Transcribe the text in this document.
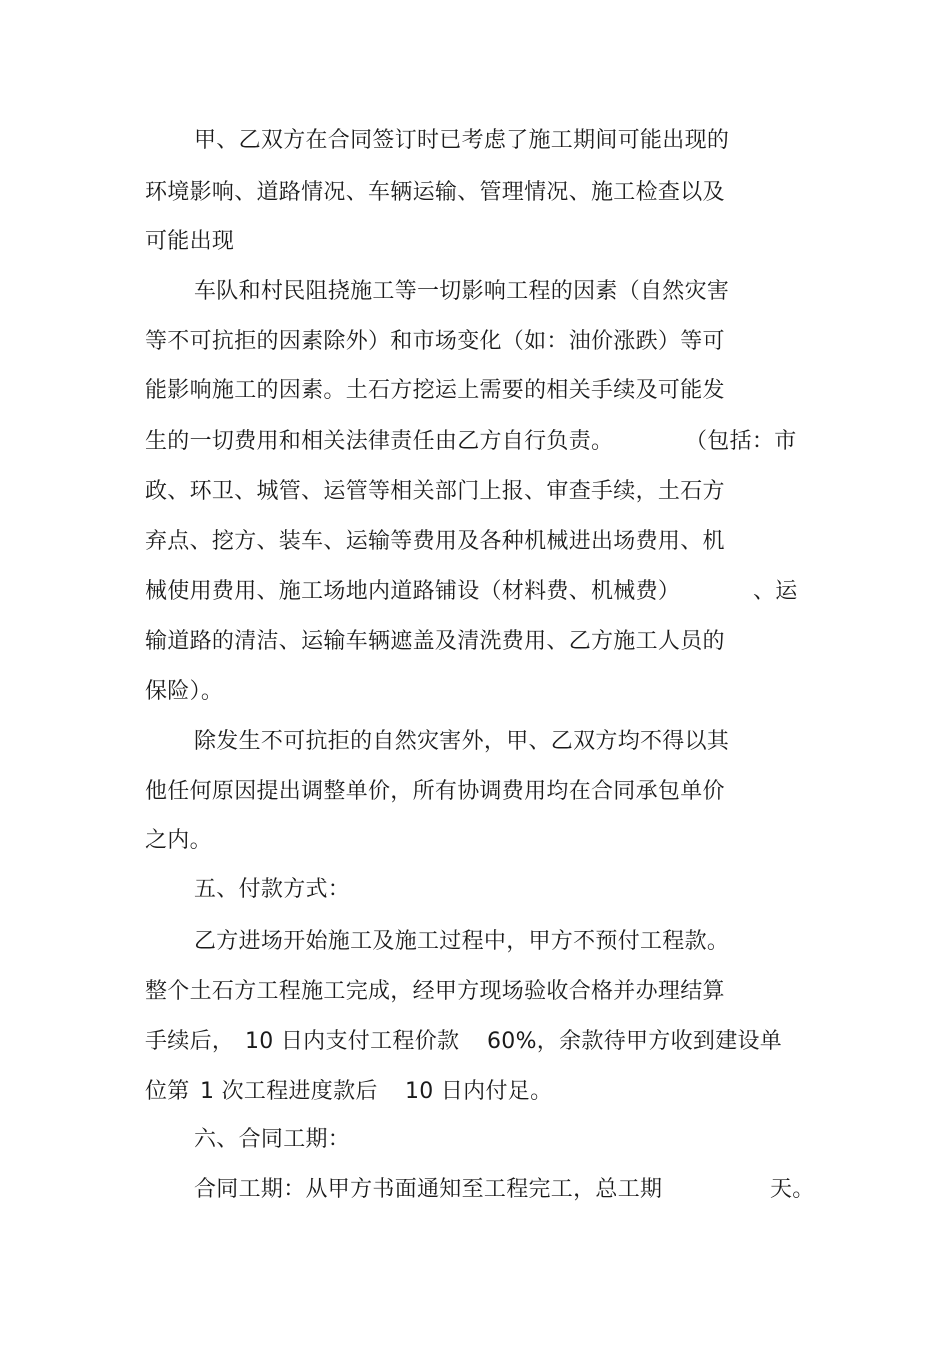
甲、乙双方在合同签订时已考虑了施工期间可能出现的
环境影响、道路情况、车辆运输、管理情况、施工检查以及
可能出现
车队和村民阻挠施工等一切影响工程的因素（自然灾害
等不可抗拒的因素除外）和市场变化（如：油价涨跌）等可
能影响施工的因素。土石方挖运上需要的相关手续及可能发
生的一切费用和相关法律责任由乙方自行负责。	（包括：市
政、环卫、城管、运管等相关部门上报、审查手续，土石方
弃点、挖方、装车、运输等费用及各种机械进出场费用、机
械使用费用、施工场地内道路铺设（材料费、机械费）	、运
输道路的清洁、运输车辆遮盖及清洗费用、乙方施工人员的
保险）。
除发生不可抗拒的自然灾害外，甲、乙双方均不得以其
他任何原因提出调整单价，所有协调费用均在合同承包单价
之内。
五、付款方式：
乙方进场开始施工及施工过程中，甲方不预付工程款。
整个土石方工程施工完成，经甲方现场验收合格并办理结算
手续后， 10 日内支付工程价款 60%，余款待甲方收到建设单
位第 1 次工程进度款后 10 日内付足。
六、合同工期：
合同工期：从甲方书面通知至工程完工，总工期	天。
